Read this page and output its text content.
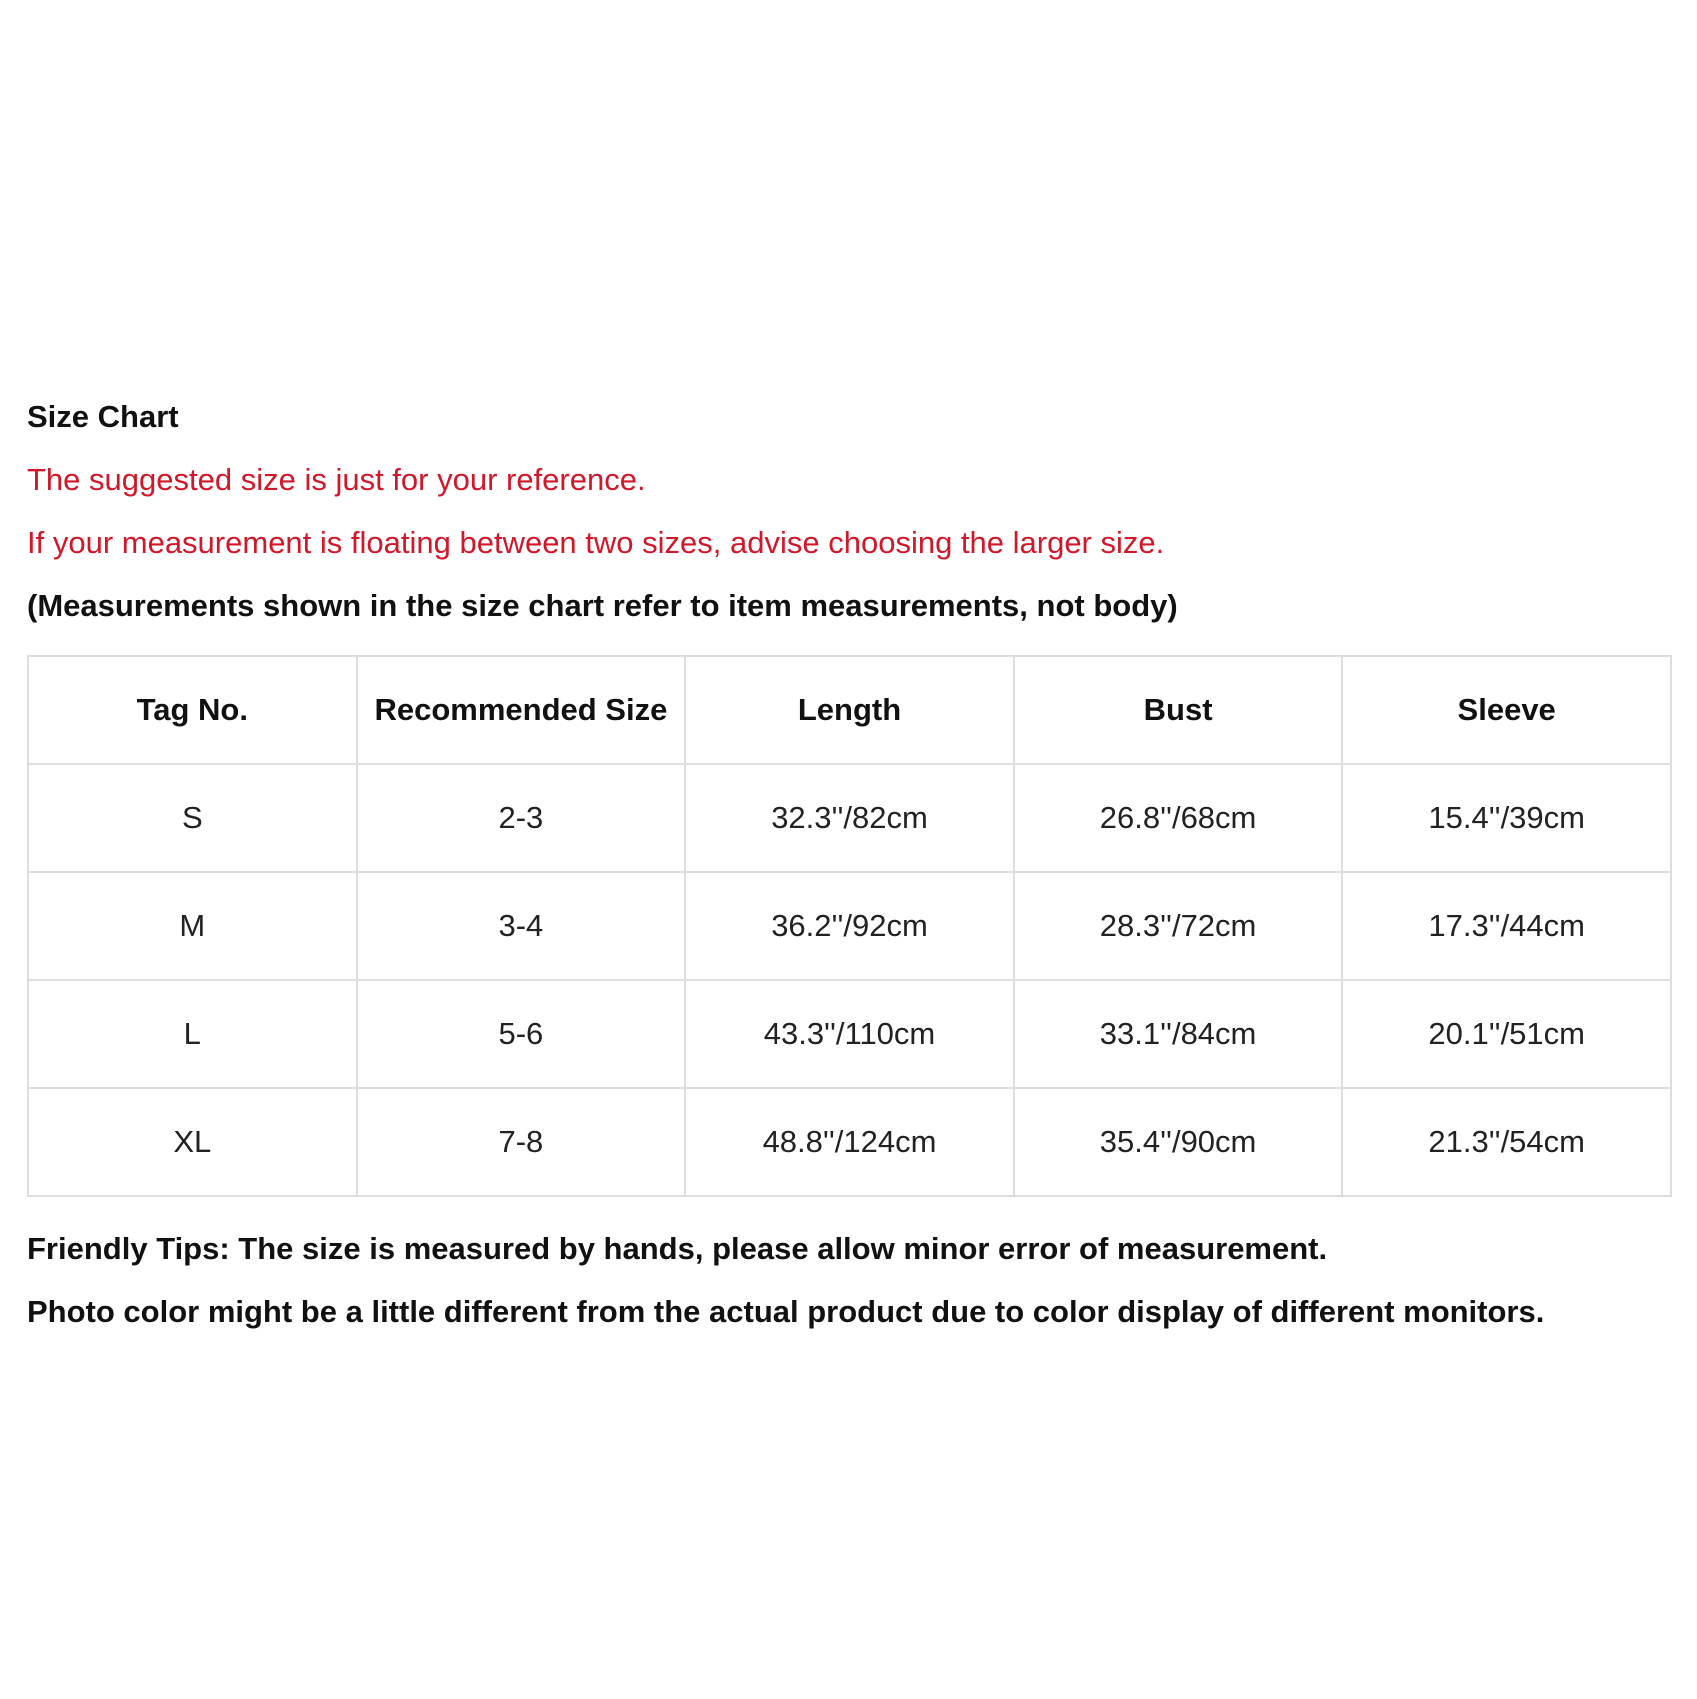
Size Chart

The suggested size is just for your reference.

If your measurement is floating between two sizes, advise choosing the larger size.

(Measurements shown in the size chart refer to item measurements, not body)

Tag No.	Recommended Size	Length	Bust	Sleeve
S	2-3	32.3''/82cm	26.8''/68cm	15.4''/39cm
M	3-4	36.2''/92cm	28.3''/72cm	17.3''/44cm
L	5-6	43.3''/110cm	33.1''/84cm	20.1''/51cm
XL	7-8	48.8''/124cm	35.4''/90cm	21.3''/54cm

Friendly Tips: The size is measured by hands, please allow minor error of measurement.

Photo color might be a little different from the actual product due to color display of different monitors.
